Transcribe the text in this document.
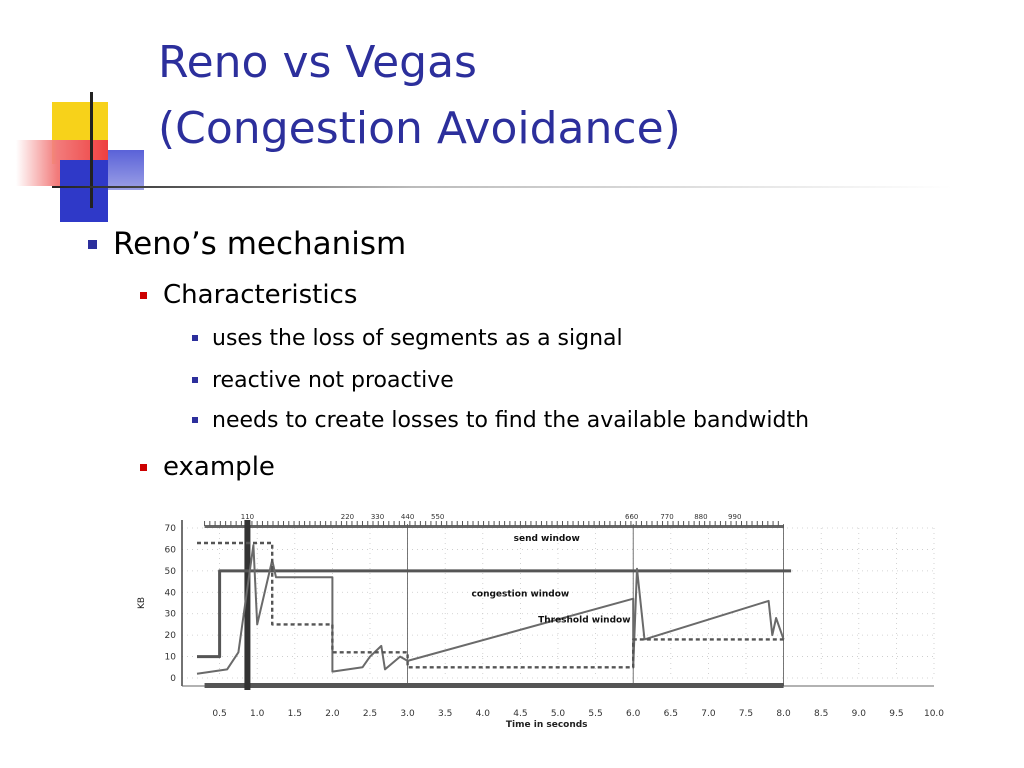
Reno vs Vegas
(Congestion Avoidance)
Reno’s mechanism
Characteristics
uses the loss of segments as a signal
reactive not proactive
needs to create losses to find the available bandwidth
example
0
10
20
30
40
50
60
70
0.5	1.0	1.5	2.0	2.5	3.0	3.5	4.0	4.5	5.0	5.5	6.0	6.5	7.0	7.5	8.0	8.5	9.0	9.5 10.0
110	220 330 440 550	660	770	880	990
KB
Time in seconds
send window
congestion window
Threshold window
